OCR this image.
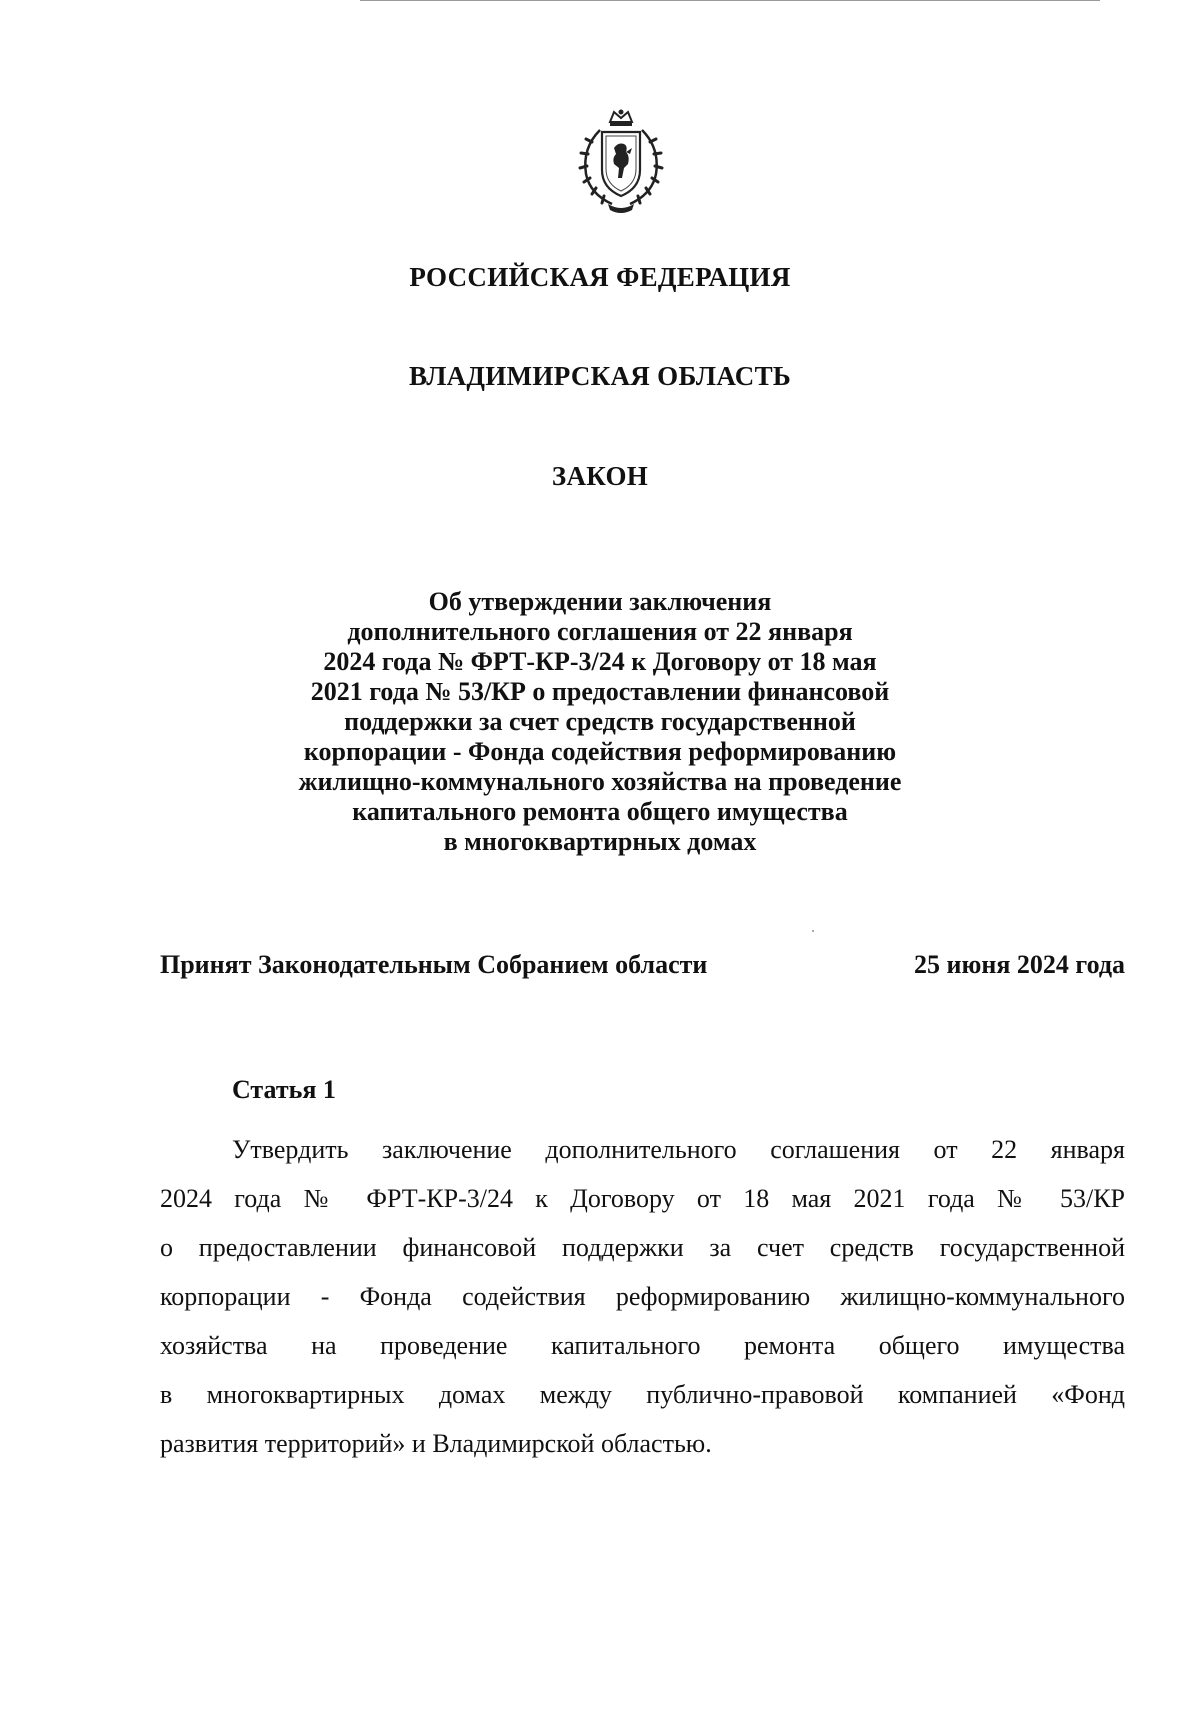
РОССИЙСКАЯ ФЕДЕРАЦИЯ
ВЛАДИМИРСКАЯ ОБЛАСТЬ
ЗАКОН
Об утверждении заключения
дополнительного соглашения от 22 января
2024 года № ФРТ-КР-3/24 к Договору от 18 мая
2021 года № 53/КР о предоставлении финансовой
поддержки за счет средств государственной
корпорации - Фонда содействия реформированию
жилищно-коммунального хозяйства на проведение
капитального ремонта общего имущества
в многоквартирных домах
Принят Законодательным Собранием области	25 июня 2024 года
Статья 1

Утвердить заключение дополнительного соглашения от 22 января
2024 года № ФРТ-КР-3/24 к Договору от 18 мая 2021 года № 53/КР
о предоставлении финансовой поддержки за счет средств государственной
корпорации - Фонда содействия реформированию жилищно-коммунального
хозяйства на проведение капитального ремонта общего имущества
в многоквартирных домах между публично-правовой компанией «Фонд
развития территорий» и Владимирской областью.
